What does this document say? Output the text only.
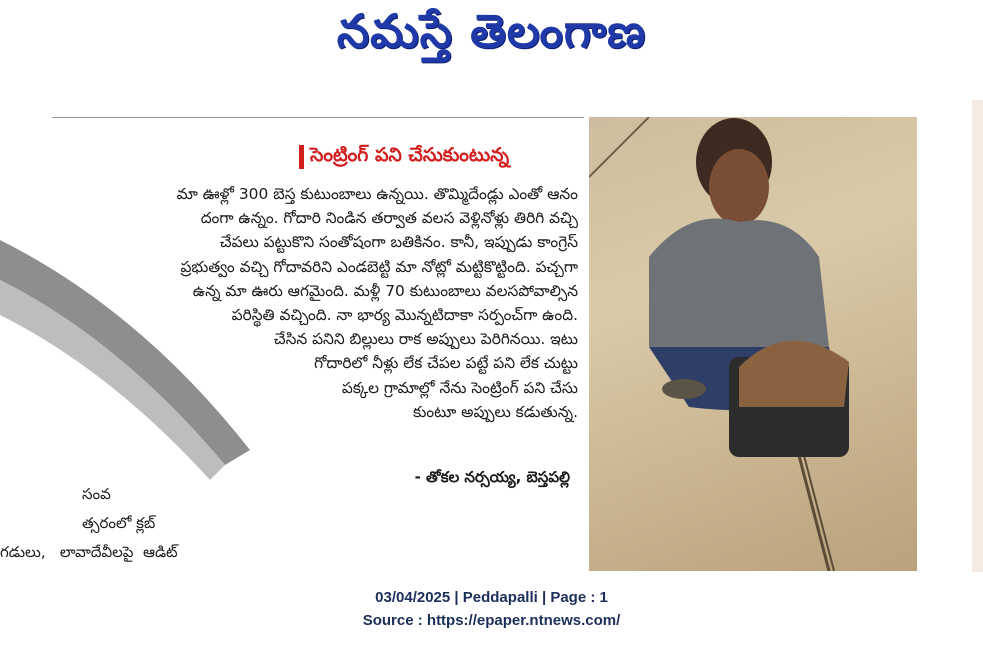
నమస్తే తెలంగాణ
సెంట్రింగ్ పని చేసుకుంటున్న
మా ఊళ్లో 300 బెస్త కుటుంబాలు ఉన్నయి. తొమ్మిదేండ్లు ఎంతో ఆనం
దంగా ఉన్నం. గోదారి నిండిన తర్వాత వలస వెళ్లినోళ్లు తిరిగి వచ్చి
చేపలు పట్టుకొని సంతోషంగా బతికినం. కానీ, ఇప్పుడు కాంగ్రెస్
ప్రభుత్వం వచ్చి గోదావరిని ఎండబెట్టి మా నోట్లో మట్టికొట్టింది. పచ్చగా
ఉన్న మా ఊరు ఆగమైంది. మళ్లీ 70 కుటుంబాలు వలసపోవాల్సిన
పరిస్థితి వచ్చింది. నా భార్య మొన్నటిదాకా సర్పంచ్‌గా ఉంది.
చేసిన పనిని బిల్లులు రాక అప్పులు పెరిగినయి. ఇటు
గోదారిలో నీళ్లు లేక చేపల పట్టే పని లేక చుట్టు
పక్కల గ్రామాల్లో నేను సెంట్రింగ్ పని చేసు
కుంటూ అప్పులు కడుతున్న.
- తోకల నర్సయ్య, బెస్తపల్లి
సంవ
త్సరంలో క్లబ్
గడులు,   లావాదేవీలపై  ఆడిట్
03/04/2025 | Peddapalli | Page : 1
Source : https://epaper.ntnews.com/
